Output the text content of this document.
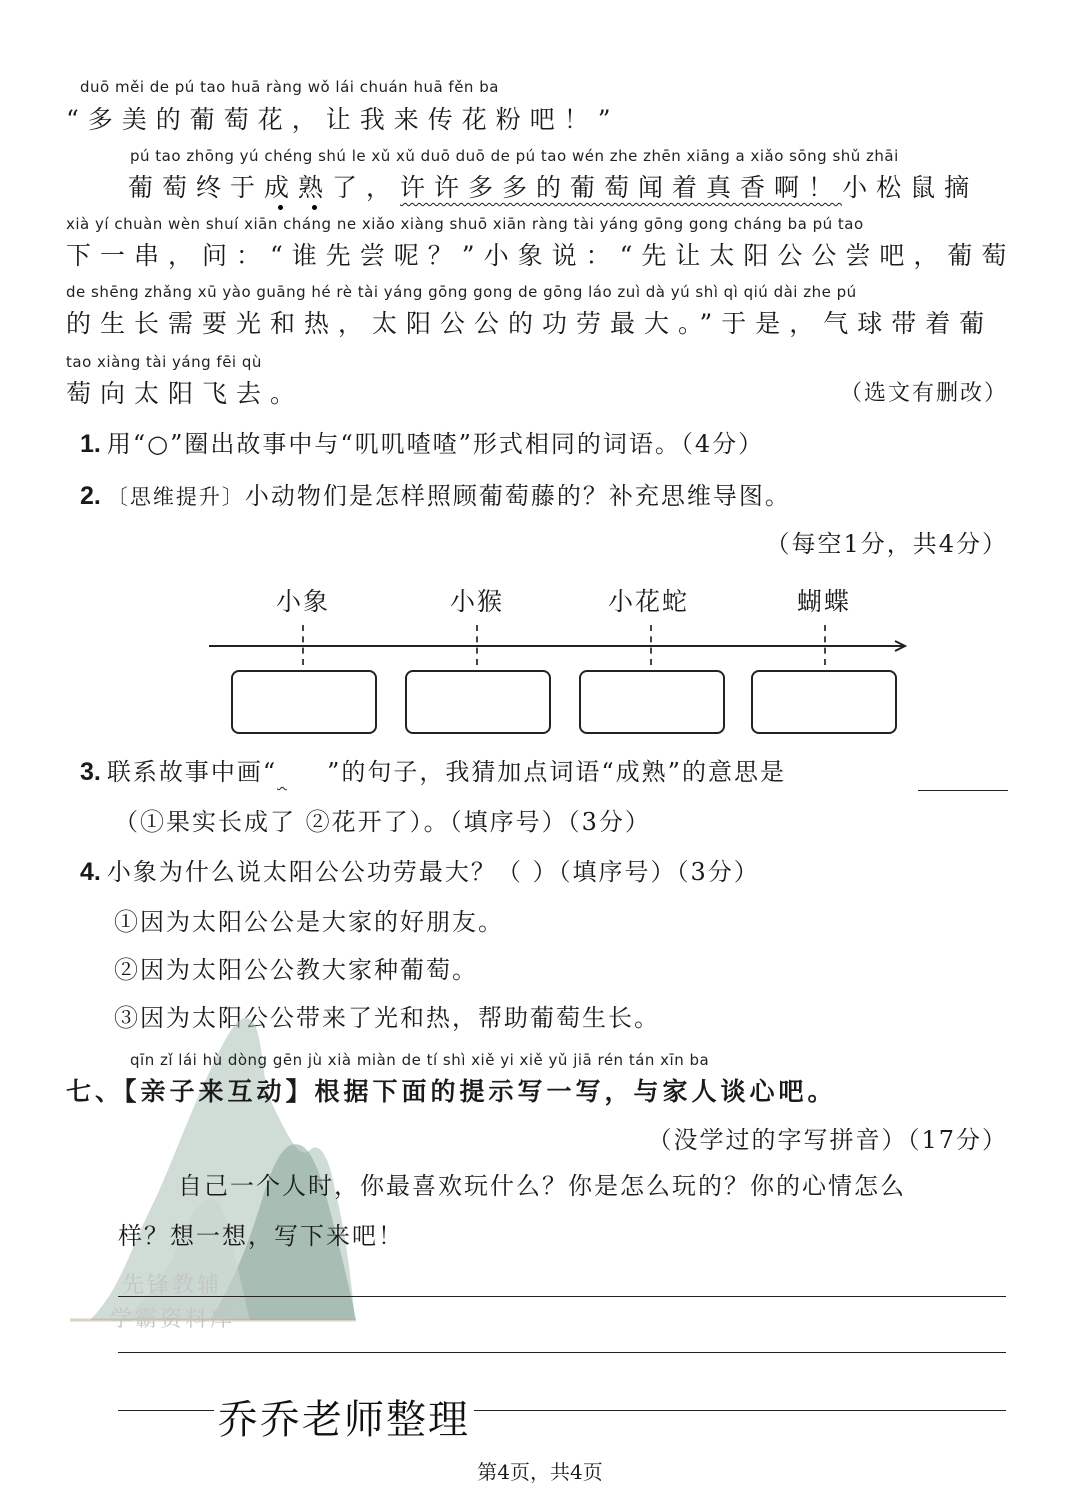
duō měi de pú tao huā ràng wǒ lái chuán huā fěn ba
“多美的葡萄花，让我来传花粉吧！”
pú tao zhōng yú chéng shú le xǔ xǔ duō duō de pú tao wén zhe zhēn xiāng a xiǎo sōng shǔ zhāi
葡萄终于成熟
了，许许多多的葡萄闻着真香啊！小松鼠摘
xià yí chuàn wèn shuí xiān cháng ne xiǎo xiàng shuō xiān ràng tài yáng gōng gong cháng ba pú tao
下一串，问：“谁先尝呢？”小象说：“先让太阳公公尝吧，葡萄
de shēng zhǎng xū yào guāng hé rè tài yáng gōng gong de gōng láo zuì dà yú shì qì qiú dài zhe pú
的生长需要光和热，太阳公公的功劳最大。”于是，气球带着葡
tao xiàng tài yáng fēi qù
萄向太阳飞去。	（选文有删改）
1. 用“○”圈出故事中与“叽叽喳喳”形式相同的词语。（4分）
2. 〔思维提升〕小动物们是怎样照顾葡萄藤的？补充思维导图。
（每空1分，共4分）
小象	小猴	小花蛇	蝴蝶
3. 联系故事中画“ ”的句子，我猜加点词语“成熟”的意思是
（①果实长成了 ②花开了）。（填序号）（3分）
4. 小象为什么说太阳公公功劳最大？（ ）（填序号）（3分）
①因为太阳公公是大家的好朋友。
②因为太阳公公教大家种葡萄。
③因为太阳公公带来了光和热，帮助葡萄生长。
qīn zǐ lái hù dòng gēn jù xià miàn de tí shì xiě yi xiě yǔ jiā rén tán xīn ba
七、【亲子来互动】根据下面的提示写一写，与家人谈心吧。
（没学过的字写拼音）（17分）
自己一个人时，你最喜欢玩什么？你是怎么玩的？你的心情怎么
样？想一想，写下来吧！
先锋教辅
学霸资料库
乔乔老师整理
第4页，共4页
